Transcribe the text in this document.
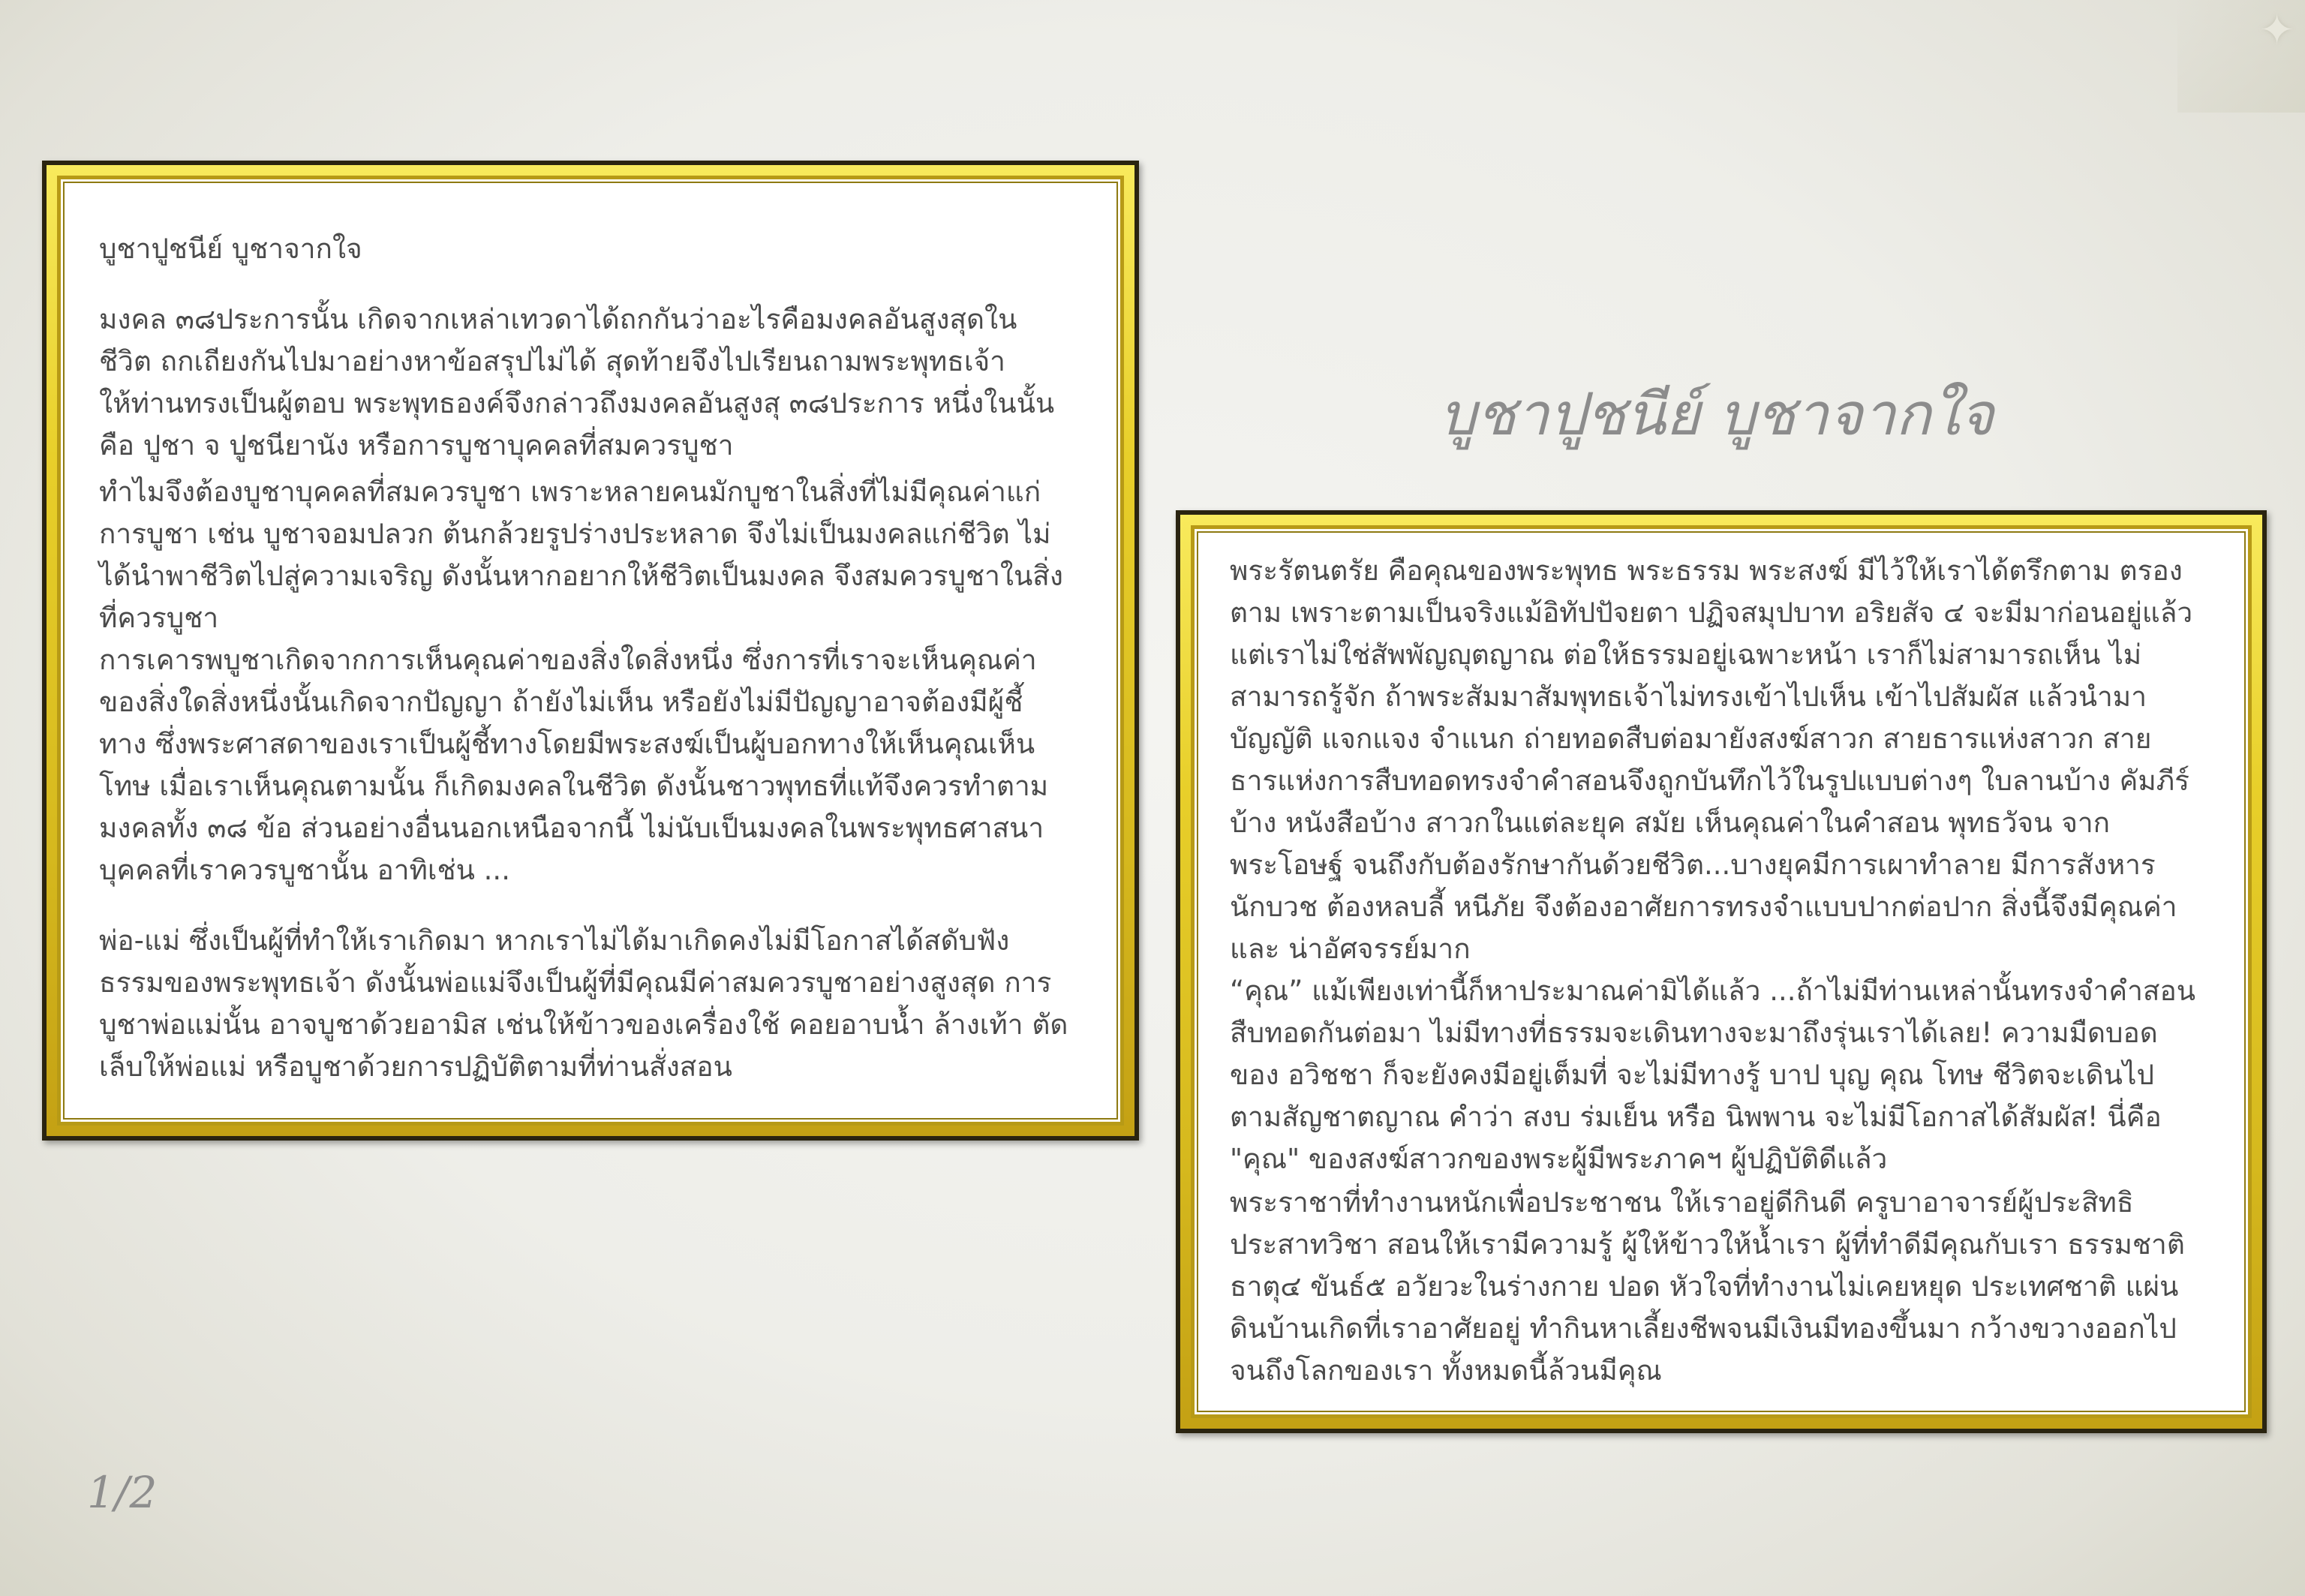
✦

บูชาปูชนีย์ บูชาจากใจ

มงคล ๓๘ประการนั้น เกิดจากเหล่าเทวดาได้ถกกันว่าอะไรคือมงคลอันสูงสุดใน

ชีวิต ถกเถียงกันไปมาอย่างหาข้อสรุปไม่ได้ สุดท้ายจึงไปเรียนถามพระพุทธเจ้า

ให้ท่านทรงเป็นผู้ตอบ พระพุทธองค์จึงกล่าวถึงมงคลอันสูงสุ ๓๘ประการ หนึ่งในนั้น

คือ ปูชา จ ปูชนียานัง หรือการบูชาบุคคลที่สมควรบูชา

ทำไมจึงต้องบูชาบุคคลที่สมควรบูชา เพราะหลายคนมักบูชาในสิ่งที่ไม่มีคุณค่าแก่

การบูชา เช่น บูชาจอมปลวก ต้นกล้วยรูปร่างประหลาด จึงไม่เป็นมงคลแก่ชีวิต ไม่

ได้นำพาชีวิตไปสู่ความเจริญ ดังนั้นหากอยากให้ชีวิตเป็นมงคล จึงสมควรบูชาในสิ่ง

ที่ควรบูชา

การเคารพบูชาเกิดจากการเห็นคุณค่าของสิ่งใดสิ่งหนึ่ง ซึ่งการที่เราจะเห็นคุณค่า

ของสิ่งใดสิ่งหนึ่งนั้นเกิดจากปัญญา ถ้ายังไม่เห็น หรือยังไม่มีปัญญาอาจต้องมีผู้ชี้

ทาง ซึ่งพระศาสดาของเราเป็นผู้ชี้ทางโดยมีพระสงฆ์เป็นผู้บอกทางให้เห็นคุณเห็น

โทษ เมื่อเราเห็นคุณตามนั้น ก็เกิดมงคลในชีวิต ดังนั้นชาวพุทธที่แท้จึงควรทำตาม

มงคลทั้ง ๓๘ ข้อ ส่วนอย่างอื่นนอกเหนือจากนี้ ไม่นับเป็นมงคลในพระพุทธศาสนา

บุคคลที่เราควรบูชานั้น อาทิเช่น ...

พ่อ-แม่ ซึ่งเป็นผู้ที่ทำให้เราเกิดมา หากเราไม่ได้มาเกิดคงไม่มีโอกาสได้สดับฟัง

ธรรมของพระพุทธเจ้า ดังนั้นพ่อแม่จึงเป็นผู้ที่มีคุณมีค่าสมควรบูชาอย่างสูงสุด การ

บูชาพ่อแม่นั้น อาจบูชาด้วยอามิส เช่นให้ข้าวของเครื่องใช้ คอยอาบน้ำ ล้างเท้า ตัด

เล็บให้พ่อแม่ หรือบูชาด้วยการปฏิบัติตามที่ท่านสั่งสอน

บูชาปูชนีย์ บูชาจากใจ

พระรัตนตรัย คือคุณของพระพุทธ พระธรรม พระสงฆ์ มีไว้ให้เราได้ตรึกตาม ตรอง

ตาม เพราะตามเป็นจริงแม้อิทัปปัจยตา ปฏิจสมุปบาท อริยสัจ ๔ จะมีมาก่อนอยู่แล้ว

แต่เราไม่ใช่สัพพัญญุตญาณ ต่อให้ธรรมอยู่เฉพาะหน้า เราก็ไม่สามารถเห็น ไม่

สามารถรู้จัก ถ้าพระสัมมาสัมพุทธเจ้าไม่ทรงเข้าไปเห็น เข้าไปสัมผัส แล้วนำมา

บัญญัติ แจกแจง จำแนก ถ่ายทอดสืบต่อมายังสงฆ์สาวก สายธารแห่งสาวก สาย

ธารแห่งการสืบทอดทรงจำคำสอนจึงถูกบันทึกไว้ในรูปแบบต่างๆ ใบลานบ้าง คัมภีร์

บ้าง หนังสือบ้าง สาวกในแต่ละยุค สมัย เห็นคุณค่าในคำสอน พุทธวัจน จาก

พระโอษฐ์ จนถึงกับต้องรักษากันด้วยชีวิต...บางยุคมีการเผาทำลาย มีการสังหาร

นักบวช ต้องหลบลี้ หนีภัย จึงต้องอาศัยการทรงจำแบบปากต่อปาก สิ่งนี้จึงมีคุณค่า

และ น่าอัศจรรย์มาก

“คุณ” แม้เพียงเท่านี้ก็หาประมาณค่ามิได้แล้ว ...ถ้าไม่มีท่านเหล่านั้นทรงจำคำสอน

สืบทอดกันต่อมา ไม่มีทางที่ธรรมจะเดินทางจะมาถึงรุ่นเราได้เลย! ความมืดบอด

ของ อวิชชา ก็จะยังคงมีอยู่เต็มที่ จะไม่มีทางรู้ บาป บุญ คุณ โทษ ชีวิตจะเดินไป

ตามสัญชาตญาณ คำว่า สงบ ร่มเย็น หรือ นิพพาน จะไม่มีโอกาสได้สัมผัส! นี่คือ

"คุณ" ของสงฆ์สาวกของพระผู้มีพระภาคฯ ผู้ปฏิบัติดีแล้ว

พระราชาที่ทำงานหนักเพื่อประชาชน ให้เราอยู่ดีกินดี ครูบาอาจารย์ผู้ประสิทธิ

ประสาทวิชา สอนให้เรามีความรู้ ผู้ให้ข้าวให้น้ำเรา ผู้ที่ทำดีมีคุณกับเรา ธรรมชาติ

ธาตุ๔ ขันธ์๕ อวัยวะในร่างกาย ปอด หัวใจที่ทำงานไม่เคยหยุด ประเทศชาติ แผ่น

ดินบ้านเกิดที่เราอาศัยอยู่ ทำกินหาเลี้ยงชีพจนมีเงินมีทองขึ้นมา กว้างขวางออกไป

จนถึงโลกของเรา ทั้งหมดนี้ล้วนมีคุณ

1/2
